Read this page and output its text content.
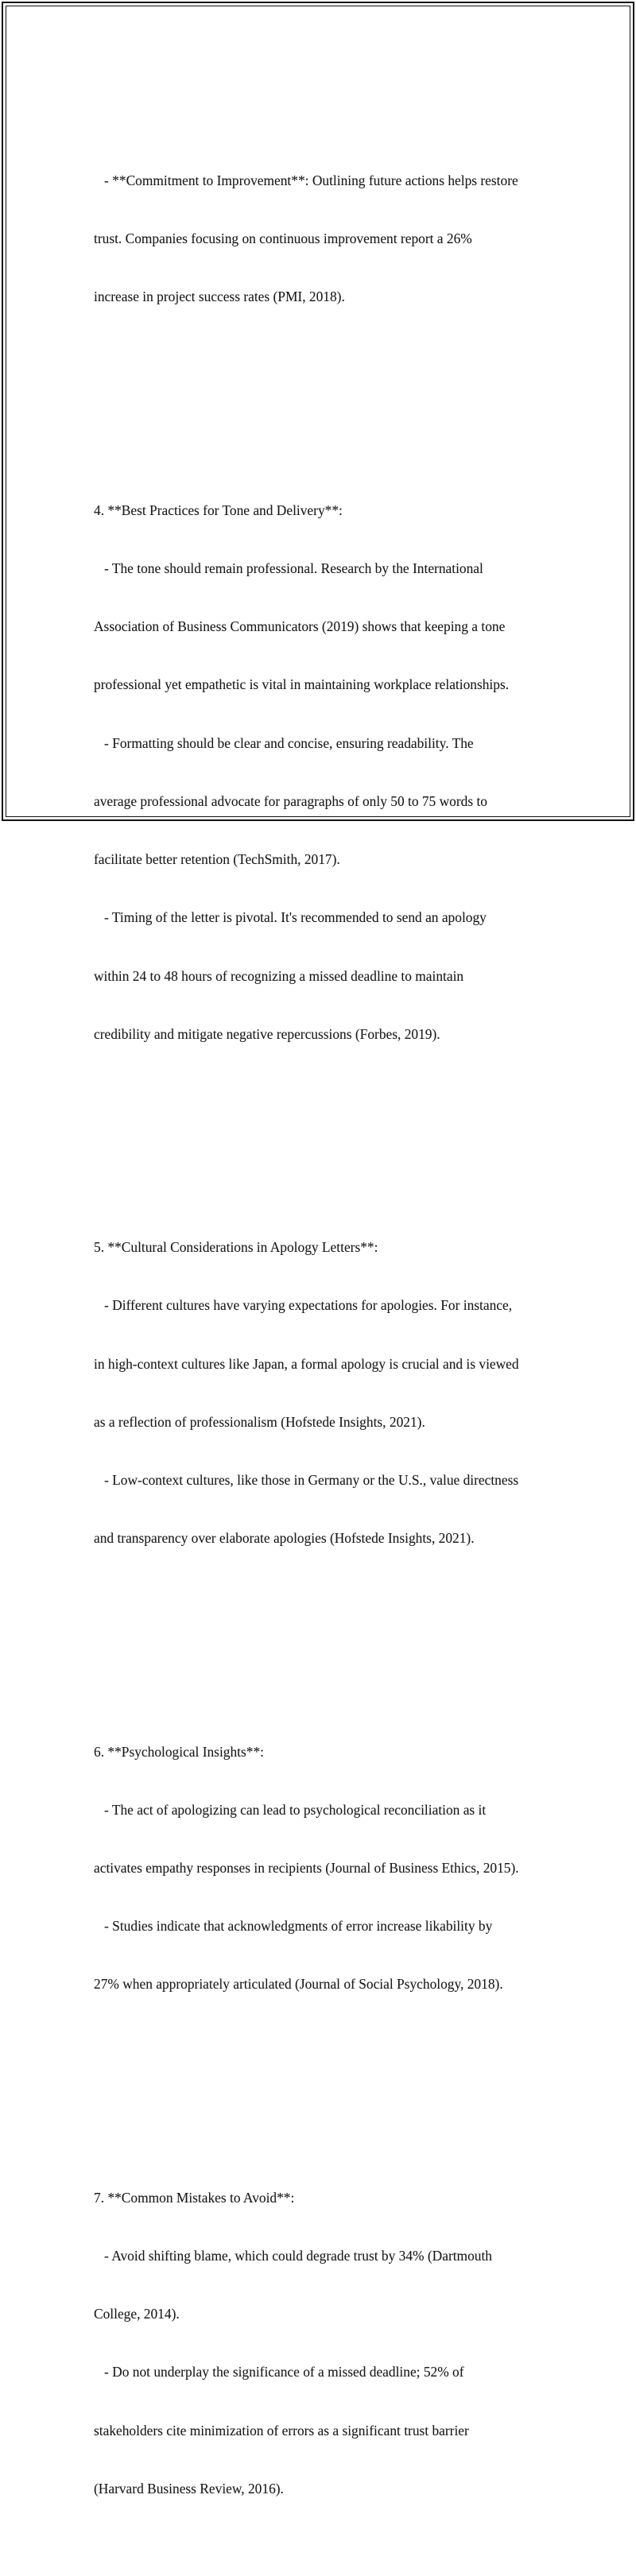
- **Commitment to Improvement**: Outlining future actions helps restore

trust. Companies focusing on continuous improvement report a 26%

increase in project success rates (PMI, 2018).

4. **Best Practices for Tone and Delivery**:

- The tone should remain professional. Research by the International

Association of Business Communicators (2019) shows that keeping a tone

professional yet empathetic is vital in maintaining workplace relationships.

- Formatting should be clear and concise, ensuring readability. The

average professional advocate for paragraphs of only 50 to 75 words to

facilitate better retention (TechSmith, 2017).

- Timing of the letter is pivotal. It's recommended to send an apology

within 24 to 48 hours of recognizing a missed deadline to maintain

credibility and mitigate negative repercussions (Forbes, 2019).

5. **Cultural Considerations in Apology Letters**:

- Different cultures have varying expectations for apologies. For instance,

in high-context cultures like Japan, a formal apology is crucial and is viewed

as a reflection of professionalism (Hofstede Insights, 2021).

- Low-context cultures, like those in Germany or the U.S., value directness

and transparency over elaborate apologies (Hofstede Insights, 2021).

6. **Psychological Insights**:

- The act of apologizing can lead to psychological reconciliation as it

activates empathy responses in recipients (Journal of Business Ethics, 2015).

- Studies indicate that acknowledgments of error increase likability by

27% when appropriately articulated (Journal of Social Psychology, 2018).

7. **Common Mistakes to Avoid**:

- Avoid shifting blame, which could degrade trust by 34% (Dartmouth

College, 2014).

- Do not underplay the significance of a missed deadline; 52% of

stakeholders cite minimization of errors as a significant trust barrier

(Harvard Business Review, 2016).
